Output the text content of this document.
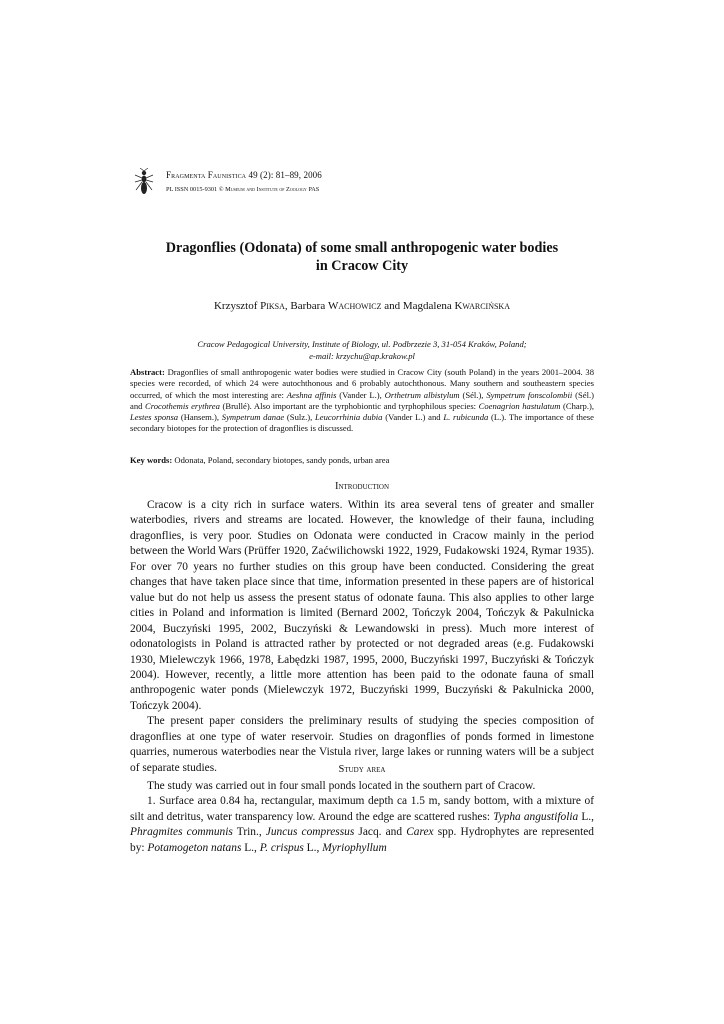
Fragmenta Faunistica 49 (2): 81–89, 2006
PL ISSN 0015-9301 © Museum and Institute of Zoology PAS
Dragonflies (Odonata) of some small anthropogenic water bodies
in Cracow City
Krzysztof Piksa, Barbara Wachowicz and Magdalena Kwarcińska
Cracow Pedagogical University, Institute of Biology, ul. Podbrzezie 3, 31-054 Kraków, Poland;
e-mail: krzychu@ap.krakow.pl
Abstract: Dragonflies of small anthropogenic water bodies were studied in Cracow City (south Poland) in the years 2001–2004. 38 species were recorded, of which 24 were autochthonous and 6 probably autochthonous. Many southern and southeastern species occurred, of which the most interesting are: Aeshna affinis (Vander L.), Orthetrum albistylum (Sél.), Sympetrum fonscolombii (Sél.) and Crocothemis erythrea (Brullé). Also important are the tyrphobiontic and tyrphophilous species: Coenagrion hastulatum (Charp.), Lestes sponsa (Hansem.), Sympetrum danae (Sulz.), Leucorrhinia dubia (Vander L.) and L. rubicunda (L.). The importance of these secondary biotopes for the protection of dragonflies is discussed.
Key words: Odonata, Poland, secondary biotopes, sandy ponds, urban area
Introduction

Cracow is a city rich in surface waters. Within its area several tens of greater and smaller waterbodies, rivers and streams are located. However, the knowledge of their fauna, including dragonflies, is very poor. Studies on Odonata were conducted in Cracow mainly in the period between the World Wars (Prüffer 1920, Zaćwilichowski 1922, 1929, Fudakowski 1924, Rymar 1935). For over 70 years no further studies on this group have been conducted. Considering the great changes that have taken place since that time, information presented in these papers are of historical value but do not help us assess the present status of odonate fauna. This also applies to other large cities in Poland and information is limited (Bernard 2002, Tończyk 2004, Tończyk & Pakulnicka 2004, Buczyński 1995, 2002, Buczyński & Lewandowski in press). Much more interest of odonatologists in Poland is attracted rather by protected or not degraded areas (e.g. Fudakowski 1930, Mielewczyk 1966, 1978, Łabędzki 1987, 1995, 2000, Buczyński 1997, Buczyński & Tończyk 2004). However, recently, a little more attention has been paid to the odonate fauna of small anthropogenic water ponds (Mielewczyk 1972, Buczyński 1999, Buczyński & Pakulnicka 2000, Tończyk 2004).

The present paper considers the preliminary results of studying the species composition of dragonflies at one type of water reservoir. Studies on dragonflies of ponds formed in limestone quarries, numerous waterbodies near the Vistula river, large lakes or running waters will be a subject of separate studies.	Study area

The study was carried out in four small ponds located in the southern part of Cracow.

1. Surface area 0.84 ha, rectangular, maximum depth ca 1.5 m, sandy bottom, with a mixture of silt and detritus, water transparency low. Around the edge are scattered rushes: Typha angustifolia L., Phragmites communis Trin., Juncus compressus Jacq. and Carex spp. Hydrophytes are represented by: Potamogeton natans L., P. crispus L., Myriophyllum
